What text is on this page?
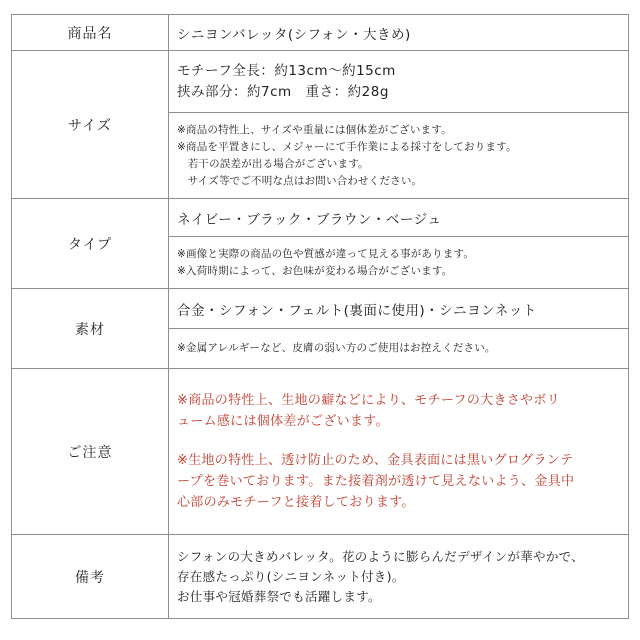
商品名	シニヨンバレッタ(シフォン・大きめ)
サイズ	モチーフ全長：約13cm〜約15cm
挟み部分：約7cm　重さ：約28g

	※商品の特性上、サイズや重量には個体差がございます。
※商品を平置きにし、メジャーにて手作業による採寸をしております。
　若干の誤差が出る場合がございます。
　サイズ等でご不明な点はお問い合わせください。

タイプ	ネイビー・ブラック・ブラウン・ベージュ

	※画像と実際の商品の色や質感が違って見える事があります。
※入荷時期によって、お色味が変わる場合がございます。

素材	合金・シフォン・フェルト(裏面に使用)・シニヨンネット

	※金属アレルギーなど、皮膚の弱い方のご使用はお控えください。

ご注意	※商品の特性上、生地の癖などにより、モチーフの大きさやボリ
ューム感には個体差がございます。
※生地の特性上、透け防止のため、金具表面には黒いグログランテ
ープを巻いております。また接着剤が透けて見えないよう、金具中
心部のみモチーフと接着しております。

備考	シフォンの大きめバレッタ。花のように膨らんだデザインが華やかで、
存在感たっぷり(シニヨンネット付き)。
お仕事や冠婚葬祭でも活躍します。
